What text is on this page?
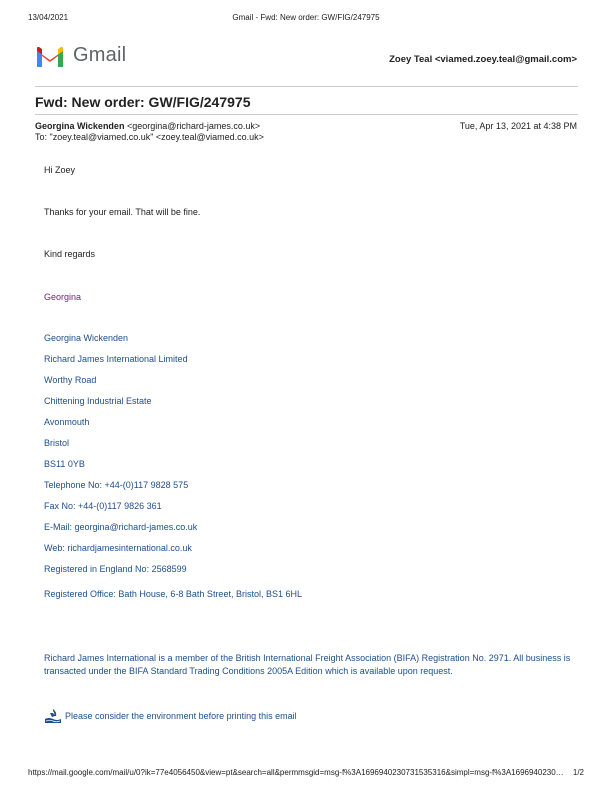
13/04/2021	Gmail - Fwd: New order: GW/FIG/247975
Gmail	Zoey Teal <viamed.zoey.teal@gmail.com>
Fwd: New order: GW/FIG/247975
Georgina Wickenden <georgina@richard-james.co.uk>	Tue, Apr 13, 2021 at 4:38 PM
To: "zoey.teal@viamed.co.uk" <zoey.teal@viamed.co.uk>
Hi Zoey
Thanks for your email. That will be fine.
Kind regards
Georgina
Georgina Wickenden
Richard James International Limited
Worthy Road
Chittening Industrial Estate
Avonmouth
Bristol
BS11 0YB
Telephone No: +44-(0)117 9828 575
Fax No: +44-(0)117 9826 361
E-Mail: georgina@richard-james.co.uk
Web: richardjamesinternational.co.uk
Registered in England No: 2568599
Registered Office: Bath House, 6-8 Bath Street, Bristol, BS1 6HL
Richard James International is a member of the British International Freight Association (BIFA) Registration No. 2971. All business is transacted under the BIFA Standard Trading Conditions 2005A Edition which is available upon request.
Please consider the environment before printing this email
https://mail.google.com/mail/u/0?ik=77e4056450&view=pt&search=all&permmsgid=msg-f%3A1696940230731535316&simpl=msg-f%3A16969402307…	1/2
